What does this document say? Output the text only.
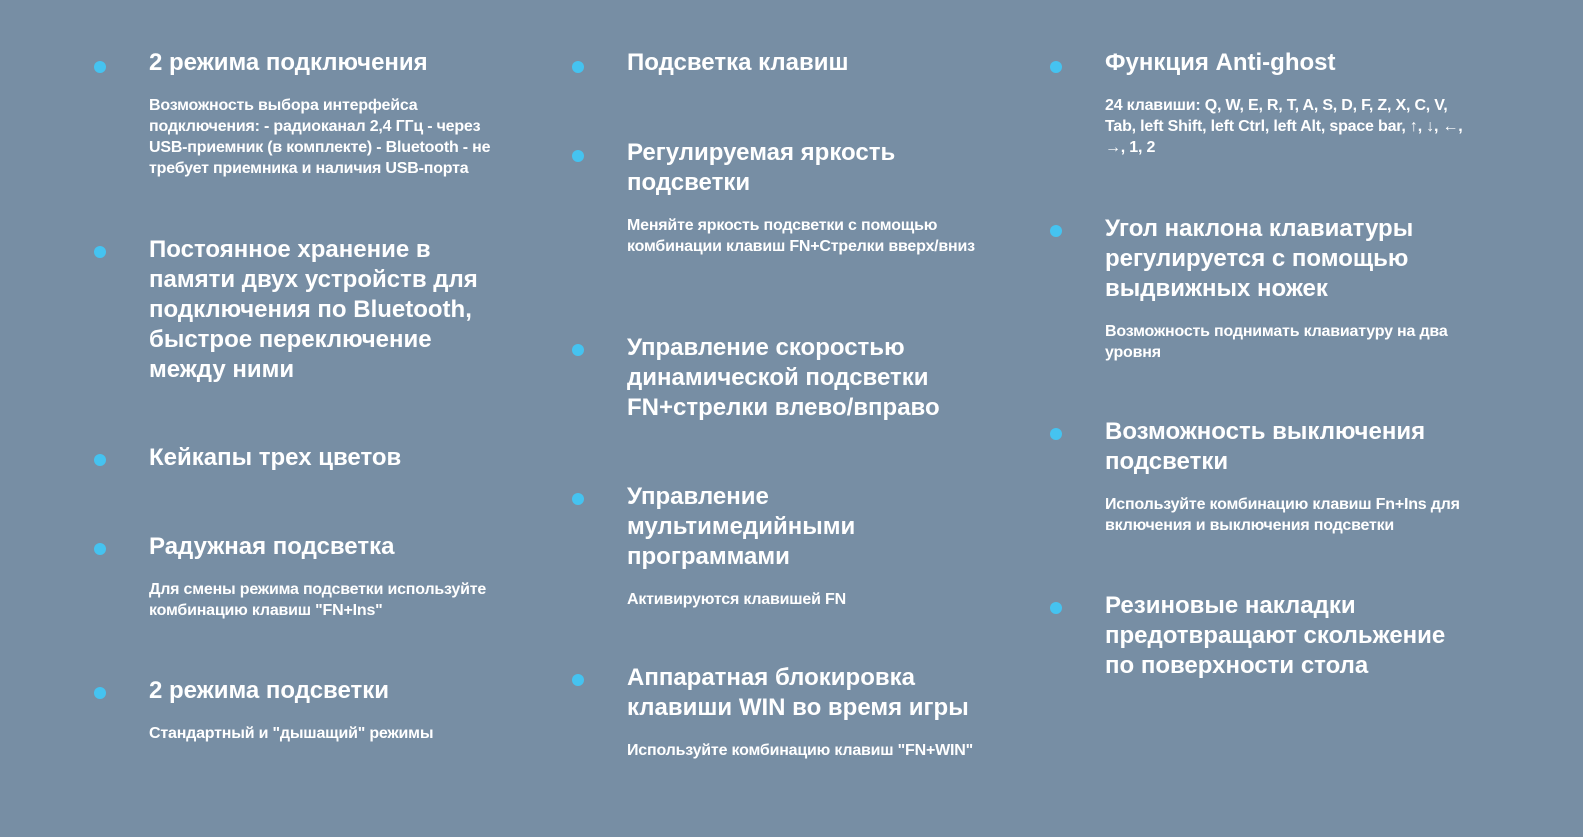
2 режима подключения

Возможность выбора интерфейса подключения: - радиоканал 2,4 ГГц - через USB-приемник (в комплекте) - Bluetooth - не требует приемника и наличия USB-порта

Постоянное хранение в памяти двух устройств для подключения по Bluetooth, быстрое переключение между ними

Кейкапы трех цветов

Радужная подсветка

Для смены режима подсветки используйте комбинацию клавиш "FN+Ins"

2 режима подсветки

Стандартный и "дышащий" режимы

Подсветка клавиш

Регулируемая яркость подсветки

Меняйте яркость подсветки с помощью комбинации клавиш FN+Стрелки вверх/вниз

Управление скоростью динамической подсветки FN+стрелки влево/вправо

Управление мультимедийными программами

Активируются клавишей FN

Аппаратная блокировка клавиши WIN во время игры

Используйте комбинацию клавиш "FN+WIN"

Функция Anti-ghost

24 клавиши: Q, W, E, R, T, A, S, D, F, Z, X, C, V, Tab, left Shift, left Ctrl, left Alt, space bar, ↑, ↓, ←, →, 1, 2

Угол наклона клавиатуры регулируется с помощью выдвижных ножек

Возможность поднимать клавиатуру на два уровня

Возможность выключения подсветки

Используйте комбинацию клавиш Fn+Ins для включения и выключения подсветки

Резиновые накладки предотвращают скольжение по поверхности стола
